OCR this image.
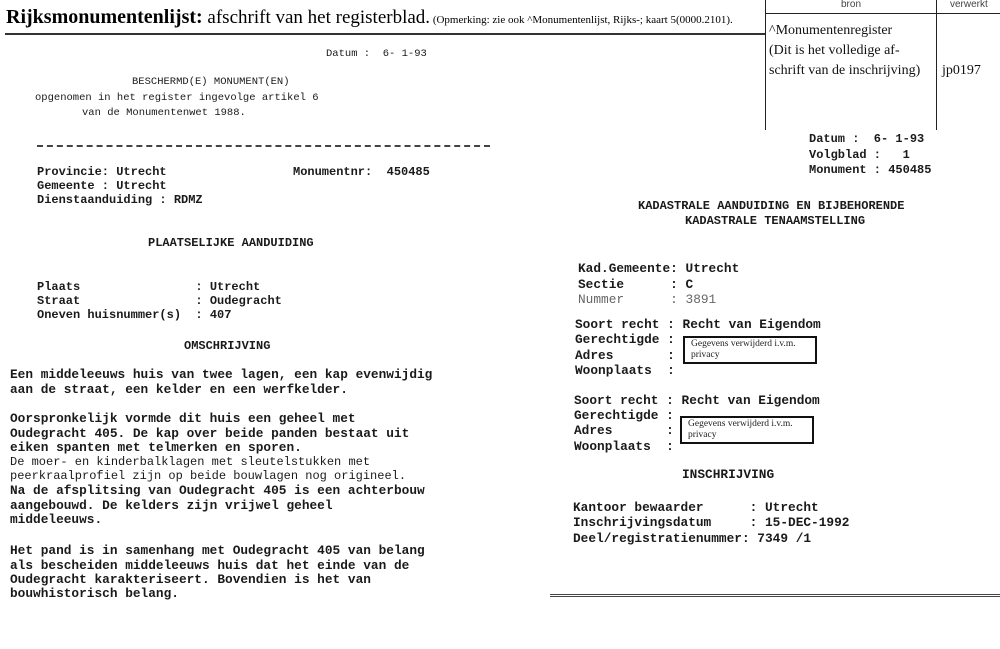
Rijksmonumentenlijst: afschrift van het registerblad. (Opmerking: zie ook ^Monumentenlijst, Rijks-; kaart 5(0000.2101).
bron	verwerkt
^Monumentenregister
(Dit is het volledige af-
schrift van de inschrijving) jp0197
Datum :  6- 1-93
BESCHERMD(E) MONUMENT(EN)
opgenomen in het register ingevolge artikel 6
van de Monumentenwet 1988.
Provincie: Utrecht	Monumentnr:  450485
Gemeente : Utrecht
Dienstaanduiding : RDMZ
PLAATSELIJKE AANDUIDING
Plaats                : Utrecht
Straat                : Oudegracht
Oneven huisnummer(s)  : 407
OMSCHRIJVING
Een middeleeuws huis van twee lagen, een kap evenwijdig
aan de straat, een kelder en een werfkelder.
Oorspronkelijk vormde dit huis een geheel met
Oudegracht 405. De kap over beide panden bestaat uit
eiken spanten met telmerken en sporen.
De moer- en kinderbalklagen met sleutelstukken met
peerkraalprofiel zijn op beide bouwlagen nog origineel.
Na de afsplitsing van Oudegracht 405 is een achterbouw
aangebouwd. De kelders zijn vrijwel geheel
middeleeuws.
Het pand is in samenhang met Oudegracht 405 van belang
als bescheiden middeleeuws huis dat het einde van de
Oudegracht karakteriseert. Bovendien is het van
bouwhistorisch belang.
Datum :  6- 1-93
Volgblad :   1
Monument : 450485
KADASTRALE AANDUIDING EN BIJBEHORENDE
KADASTRALE TENAAMSTELLING
Kad.Gemeente: Utrecht
Sectie      : C
Nummer      : 3891
Soort recht : Recht van Eigendom
Gerechtigde :
Adres       :
Woonplaats  :
Gegevens verwijderd i.v.m. privacy
Soort recht : Recht van Eigendom
Gerechtigde :
Adres       :
Woonplaats  :
Gegevens verwijderd i.v.m. privacy
INSCHRIJVING
Kantoor bewaarder      : Utrecht
Inschrijvingsdatum     : 15-DEC-1992
Deel/registratienummer: 7349 /1
